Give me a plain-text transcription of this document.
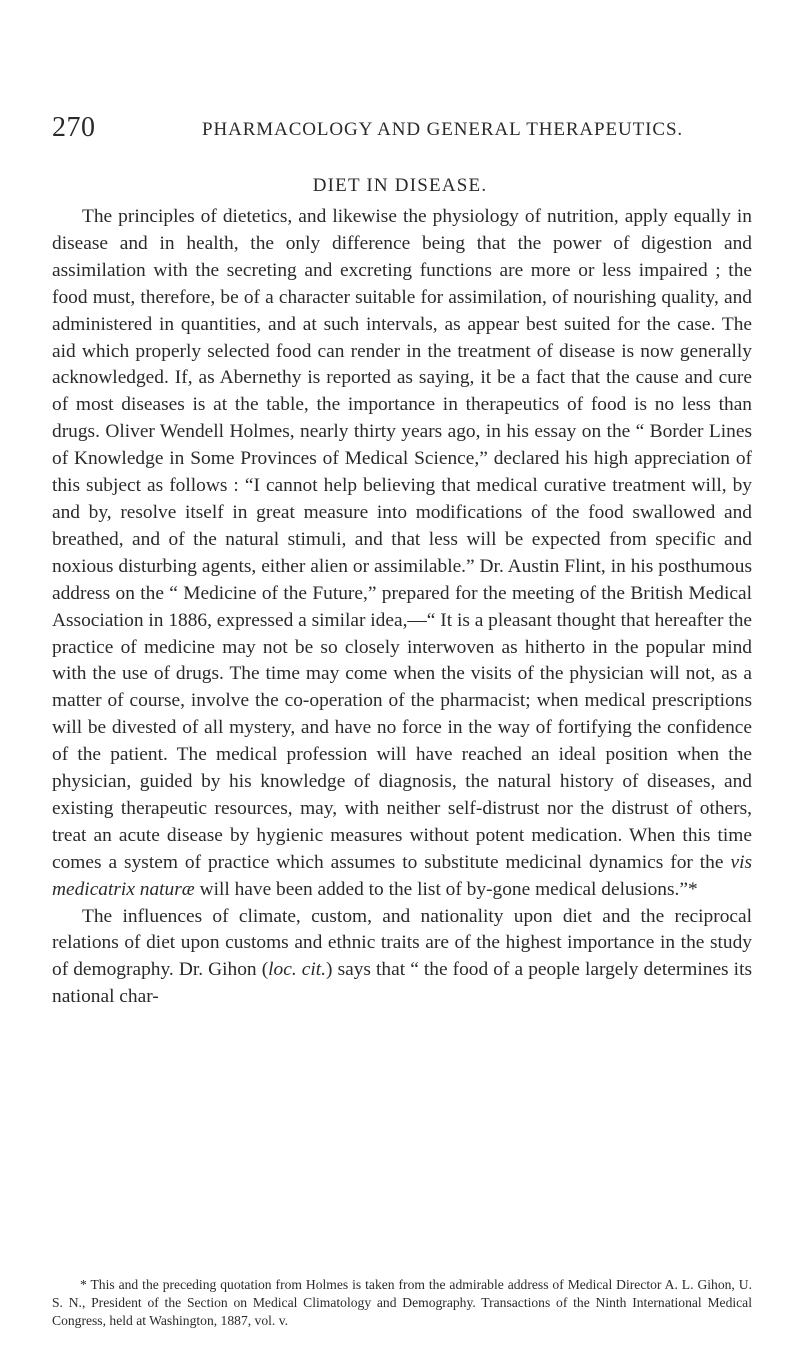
270	PHARMACOLOGY AND GENERAL THERAPEUTICS.
DIET IN DISEASE.

The principles of dietetics, and likewise the physiology of nutrition, apply equally in disease and in health, the only difference being that the power of digestion and assimilation with the secreting and excreting functions are more or less impaired ; the food must, therefore, be of a character suitable for assimilation, of nourishing quality, and administered in quantities, and at such intervals, as appear best suited for the case. The aid which properly selected food can render in the treatment of disease is now generally acknowledged. If, as Abernethy is reported as saying, it be a fact that the cause and cure of most diseases is at the table, the importance in therapeutics of food is no less than drugs. Oliver Wendell Holmes, nearly thirty years ago, in his essay on the “ Border Lines of Knowledge in Some Provinces of Medical Science,” declared his high appreciation of this subject as follows : “I cannot help believing that medical curative treatment will, by and by, resolve itself in great measure into modifications of the food swallowed and breathed, and of the natural stimuli, and that less will be expected from specific and noxious disturbing agents, either alien or assimilable.” Dr. Austin Flint, in his posthumous address on the “ Medicine of the Future,” prepared for the meeting of the British Medical Association in 1886, expressed a similar idea,—“ It is a pleasant thought that hereafter the practice of medicine may not be so closely interwoven as hitherto in the popular mind with the use of drugs. The time may come when the visits of the physician will not, as a matter of course, involve the co-operation of the pharmacist; when medical prescriptions will be divested of all mystery, and have no force in the way of fortifying the confidence of the patient. The medical profession will have reached an ideal position when the physician, guided by his knowledge of diagnosis, the natural history of diseases, and existing therapeutic resources, may, with neither self-distrust nor the distrust of others, treat an acute disease by hygienic measures without potent medication. When this time comes a system of practice which assumes to substitute medicinal dynamics for the vis medicatrix naturæ will have been added to the list of by-gone medical delusions.”*

The influences of climate, custom, and nationality upon diet and the reciprocal relations of diet upon customs and ethnic traits are of the highest importance in the study of demography. Dr. Gihon (loc. cit.) says that “ the food of a people largely determines its national char-

* This and the preceding quotation from Holmes is taken from the admirable address of Medical Director A. L. Gihon, U. S. N., President of the Section on Medical Climatology and Demography. Transactions of the Ninth International Medical Congress, held at Washington, 1887, vol. v.
